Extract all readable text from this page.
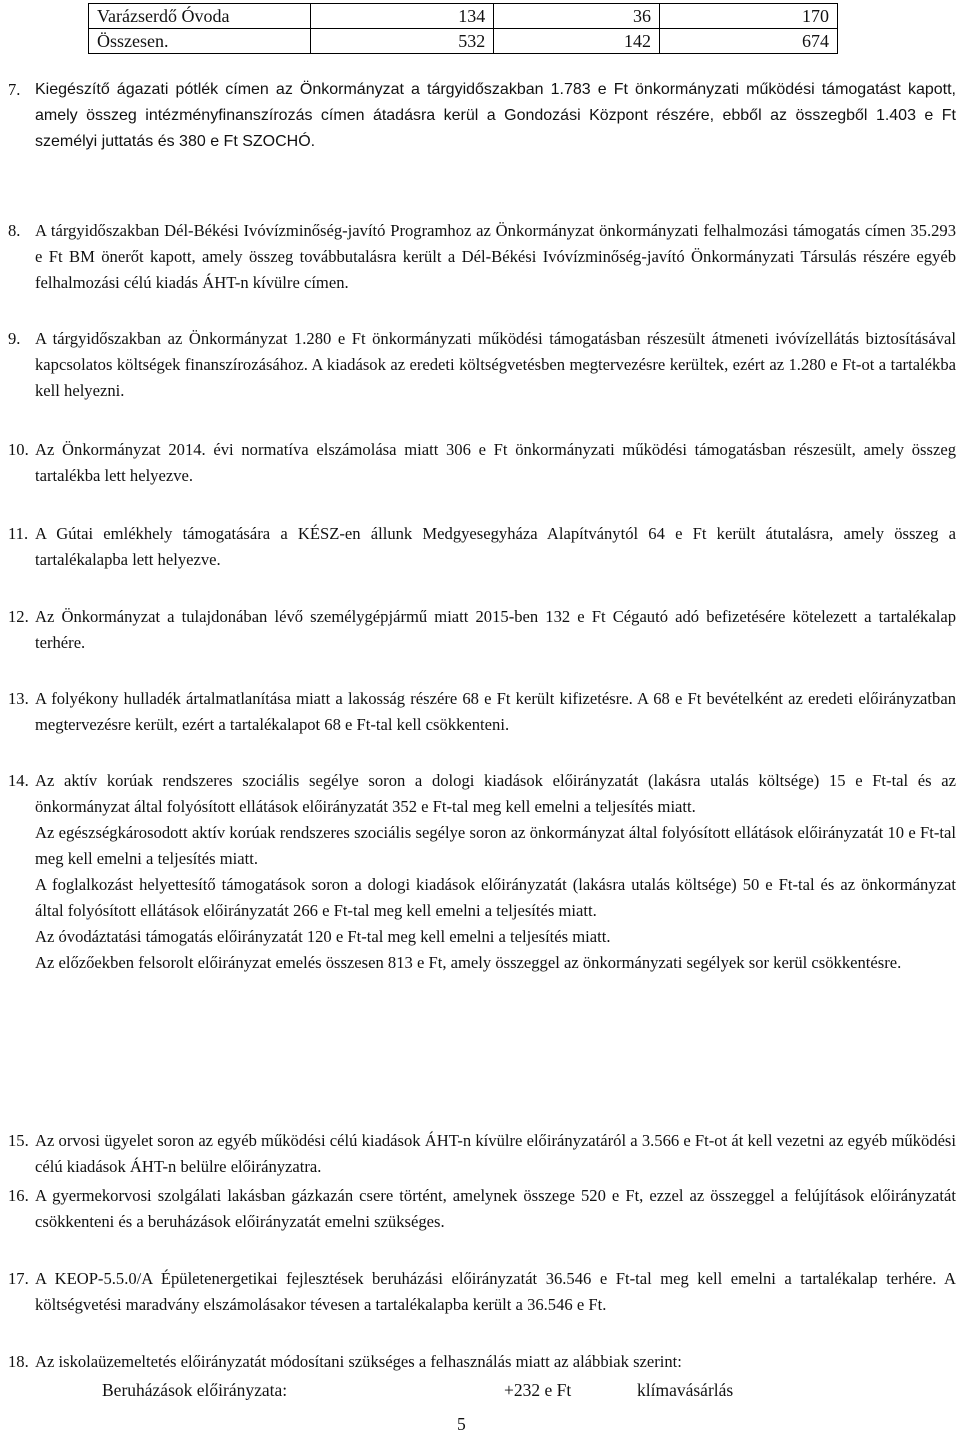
Varázserdő Óvoda	134	36	170
Összesen.	532	142	674
7. Kiegészítő ágazati pótlék címen az Önkormányzat a tárgyidőszakban 1.783 e Ft önkormányzati működési támogatást kapott, amely összeg intézményfinanszírozás címen átadásra kerül a Gondozási Központ részére, ebből az összegből 1.403 e Ft személyi juttatás és 380 e Ft SZOCHÓ.
8. A tárgyidőszakban Dél-Békési Ivóvízminőség-javító Programhoz az Önkormányzat önkormányzati felhalmozási támogatás címen 35.293 e Ft BM önerőt kapott, amely összeg továbbutalásra került a Dél-Békési Ivóvízminőség-javító Önkormányzati Társulás részére egyéb felhalmozási célú kiadás ÁHT-n kívülre címen.
9. A tárgyidőszakban az Önkormányzat 1.280 e Ft önkormányzati működési támogatásban részesült átmeneti ivóvízellátás biztosításával kapcsolatos költségek finanszírozásához. A kiadások az eredeti költségvetésben megtervezésre kerültek, ezért az 1.280 e Ft-ot a tartalékba kell helyezni.
10. Az Önkormányzat 2014. évi normatíva elszámolása miatt 306 e Ft önkormányzati működési támogatásban részesült, amely összeg tartalékba lett helyezve.
11. A Gútai emlékhely támogatására a KÉSZ-en állunk Medgyesegyháza Alapítványtól 64 e Ft került átutalásra, amely összeg a tartalékalapba lett helyezve.
12. Az Önkormányzat a tulajdonában lévő személygépjármű miatt 2015-ben 132 e Ft Cégautó adó befizetésére kötelezett a tartalékalap terhére.
13. A folyékony hulladék ártalmatlanítása miatt a lakosság részére 68 e Ft került kifizetésre. A 68 e Ft bevételként az eredeti előirányzatban megtervezésre került, ezért a tartalékalapot 68 e Ft-tal kell csökkenteni.
14. Az aktív korúak rendszeres szociális segélye soron a dologi kiadások előirányzatát (lakásra utalás költsége) 15 e Ft-tal és az önkormányzat által folyósított ellátások előirányzatát 352 e Ft-tal meg kell emelni a teljesítés miatt.

Az egészségkárosodott aktív korúak rendszeres szociális segélye soron az önkormányzat által folyósított ellátások előirányzatát 10 e Ft-tal meg kell emelni a teljesítés miatt.

A foglalkozást helyettesítő támogatások soron a dologi kiadások előirányzatát (lakásra utalás költsége) 50 e Ft-tal és az önkormányzat által folyósított ellátások előirányzatát 266 e Ft-tal meg kell emelni a teljesítés miatt.

Az óvodáztatási támogatás előirányzatát 120 e Ft-tal meg kell emelni a teljesítés miatt.

Az előzőekben felsorolt előirányzat emelés összesen 813 e Ft, amely összeggel az önkormányzati segélyek sor kerül csökkentésre.

15. Az orvosi ügyelet soron az egyéb működési célú kiadások ÁHT-n kívülre előirányzatáról a 3.566 e Ft-ot át kell vezetni az egyéb működési célú kiadások ÁHT-n belülre előirányzatra.
16. A gyermekorvosi szolgálati lakásban gázkazán csere történt, amelynek összege 520 e Ft, ezzel az összeggel a felújítások előirányzatát csökkenteni és a beruházások előirányzatát emelni szükséges.
17. A KEOP-5.5.0/A Épületenergetikai fejlesztések beruházási előirányzatát 36.546 e Ft-tal meg kell emelni a tartalékalap terhére. A költségvetési maradvány elszámolásakor tévesen a tartalékalapba került a 36.546 e Ft.
18. Az iskolaüzemeltetés előirányzatát módosítani szükséges a felhasználás miatt az alábbiak szerint:
Beruházások előirányzata:	+232 e Ft	klímavásárlás
5
